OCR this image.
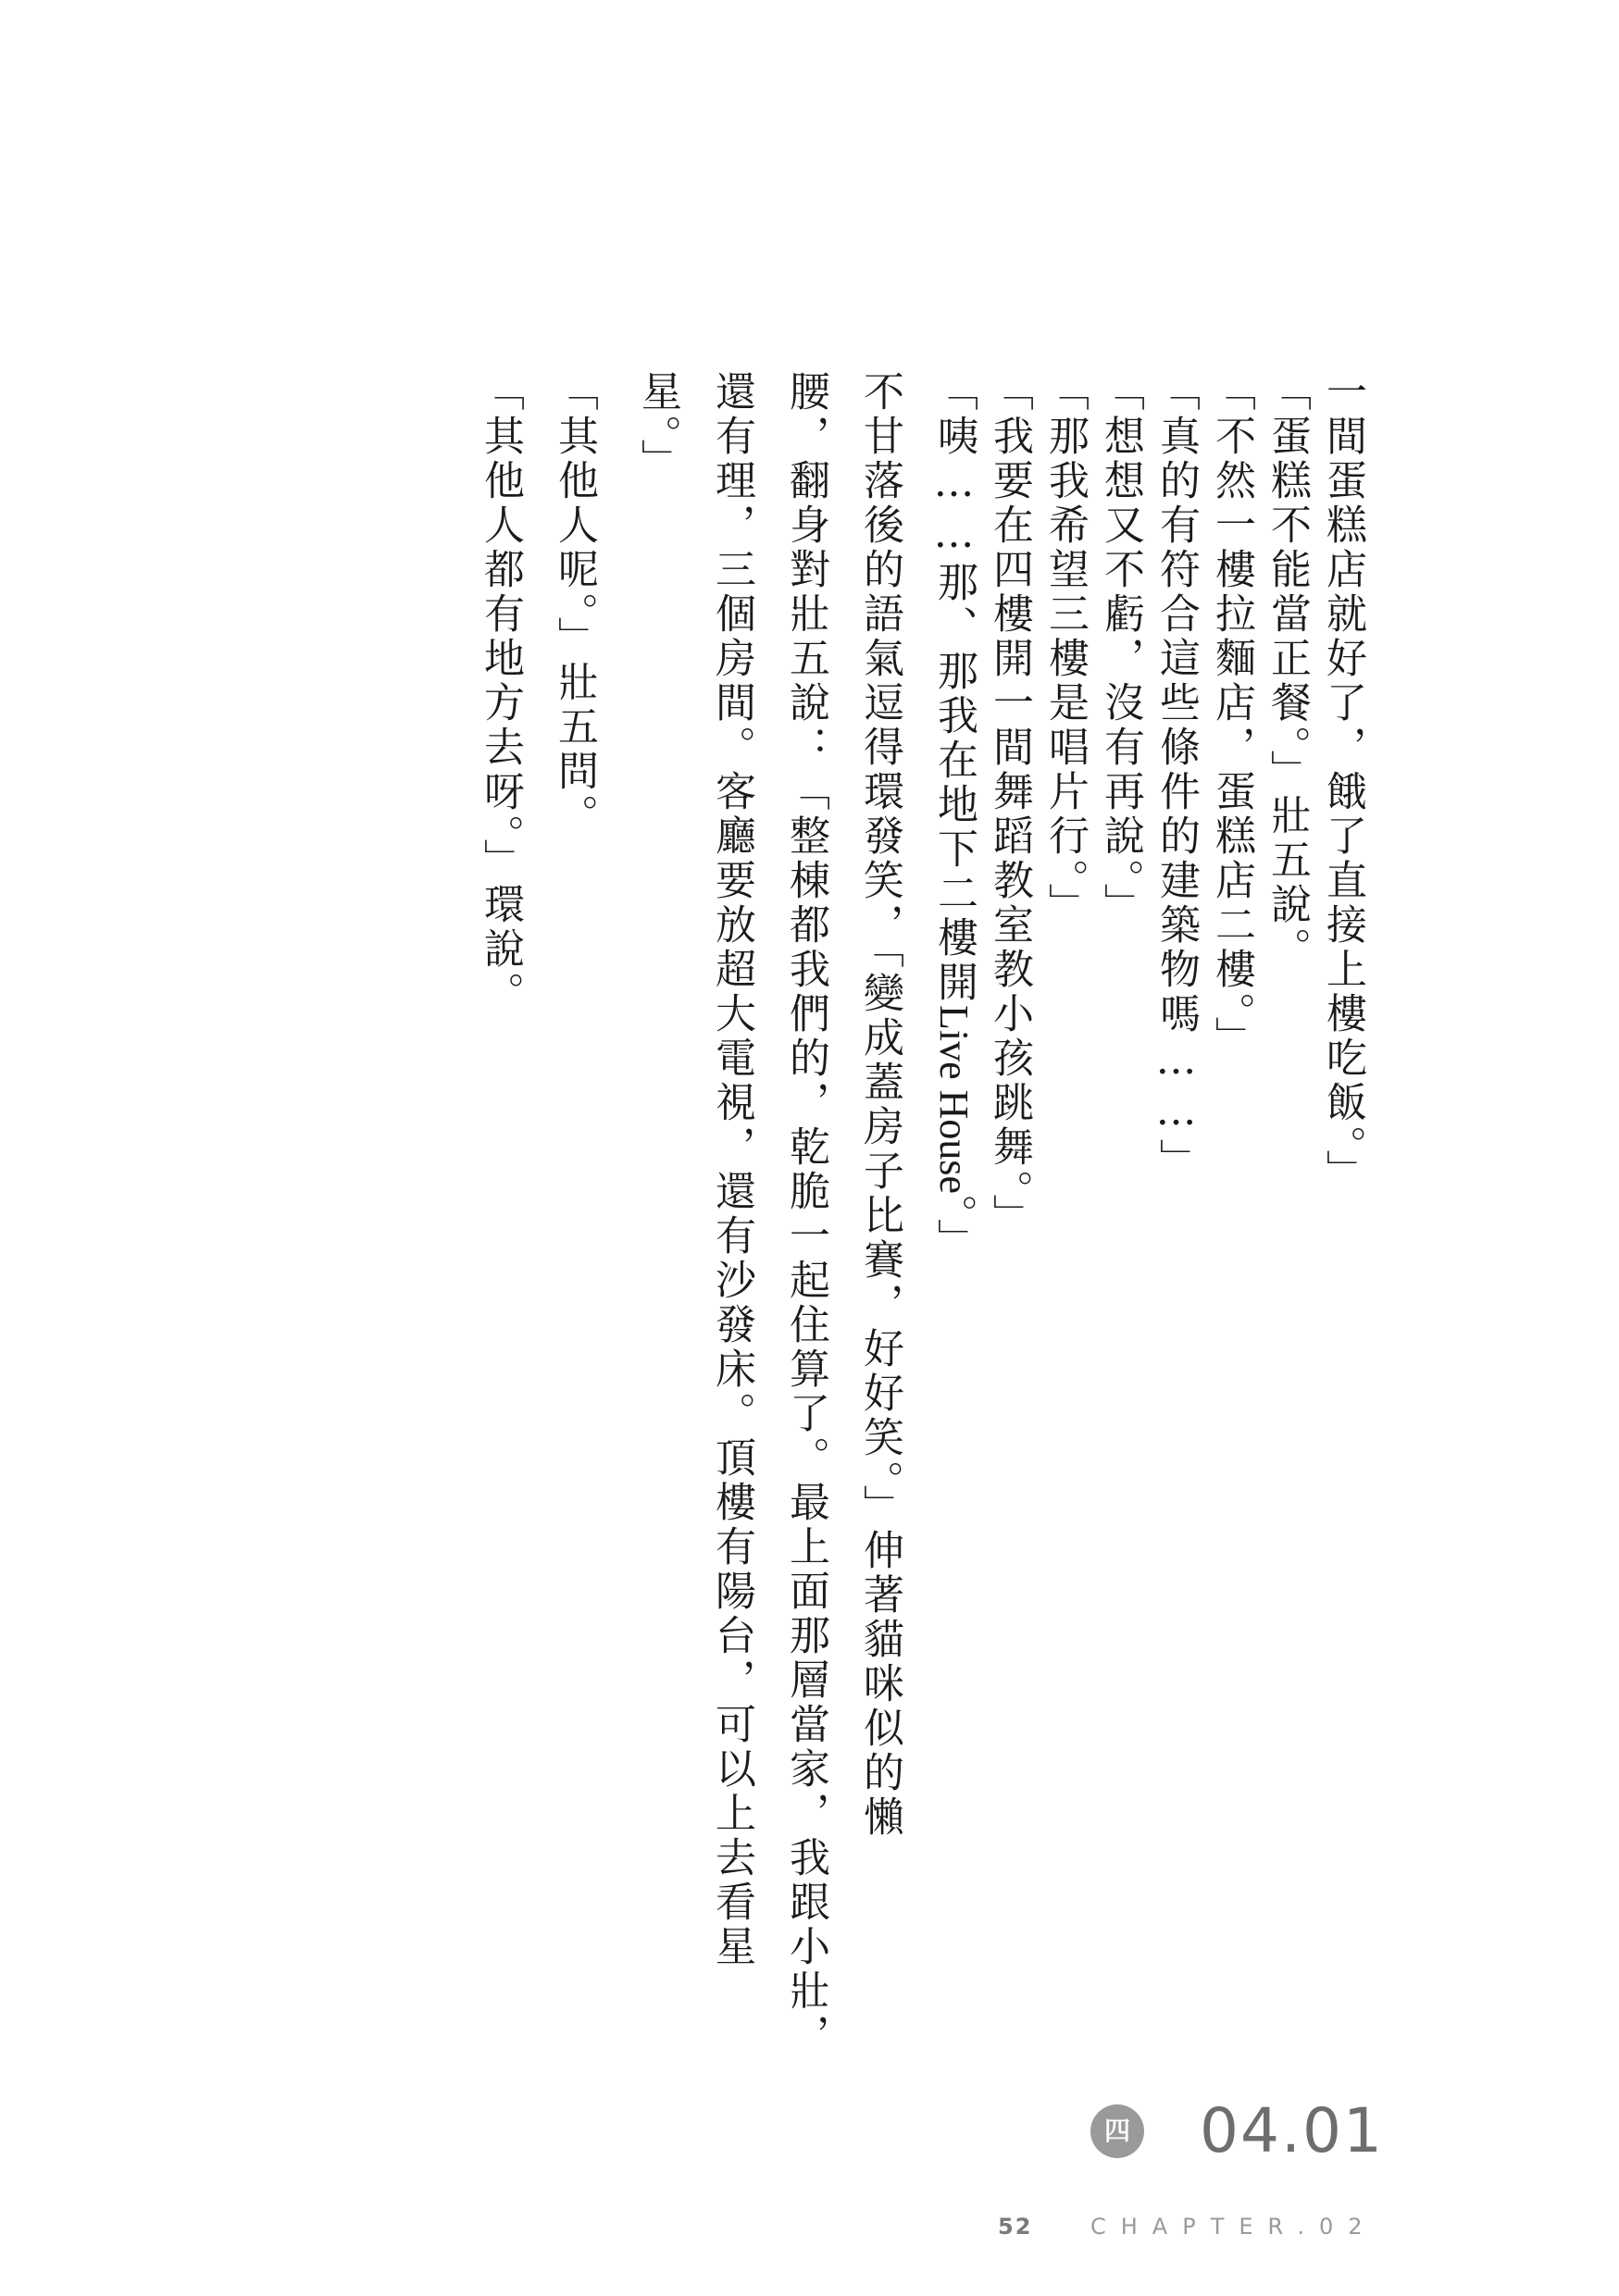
一間蛋糕店就好了，餓了直接上樓吃飯。」
「蛋糕不能當正餐。」壯五說。
「不然一樓拉麵店，蛋糕店二樓。」
「真的有符合這些條件的建築物嗎……」
「想想又不虧，沒有再說。」
「那我希望三樓是唱片行。」
「我要在四樓開一間舞蹈教室教小孩跳舞。」
「咦……那、那我在地下二樓開Live House。」
不甘落後的語氣逗得環發笑，「變成蓋房子比賽，好好笑。」伸著貓咪似的懶
腰，翻身對壯五說：「整棟都我們的，乾脆一起住算了。最上面那層當家，我跟小壯，
還有理，三個房間。客廳要放超大電視，還有沙發床。頂樓有陽台，可以上去看星
星。」
「其他人呢。」壯五問。
「其他人都有地方去呀。」環說。
四 04.01
52	CHAPTER.02
